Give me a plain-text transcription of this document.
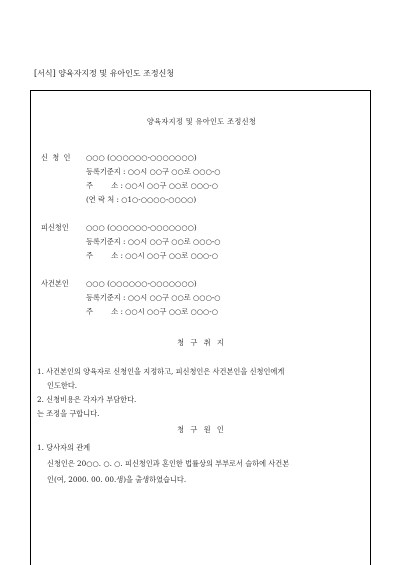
[서식] 양육자지정 및 유아인도 조정신청
양육자지정 및 유아인도 조정신청
신 청 인 ○○○ (○○○○○○-○○○○○○○)
등록기준지 : ○○시 ○○구 ○○로 ○○○-○
주        소 : ○○시 ○○구 ○○로 ○○○-○
(연 락 처 : ○1○-○○○○-○○○○)
피신청인 ○○○ (○○○○○○-○○○○○○○)
등록기준지 : ○○시 ○○구 ○○로 ○○○-○
주        소 : ○○시 ○○구 ○○로 ○○○-○
사건본인 ○○○ (○○○○○○-○○○○○○○)
등록기준지 : ○○시 ○○구 ○○로 ○○○-○
주        소 : ○○시 ○○구 ○○로 ○○○-○
청 구 취 지
1. 사건본인의 양육자로 신청인을 지정하고, 피신청인은 사건본인을 신청인에게
인도한다.
2. 신청비용은 각자가 부담한다.
는 조정을 구합니다.
청 구 원 인
1. 당사자의 관계
신청인은 20○○. ○. ○. 피신청인과 혼인한 법률상의 부부로서 슬하에 사건본
인(여, 2000. 00. 00.생)을 출생하였습니다.
